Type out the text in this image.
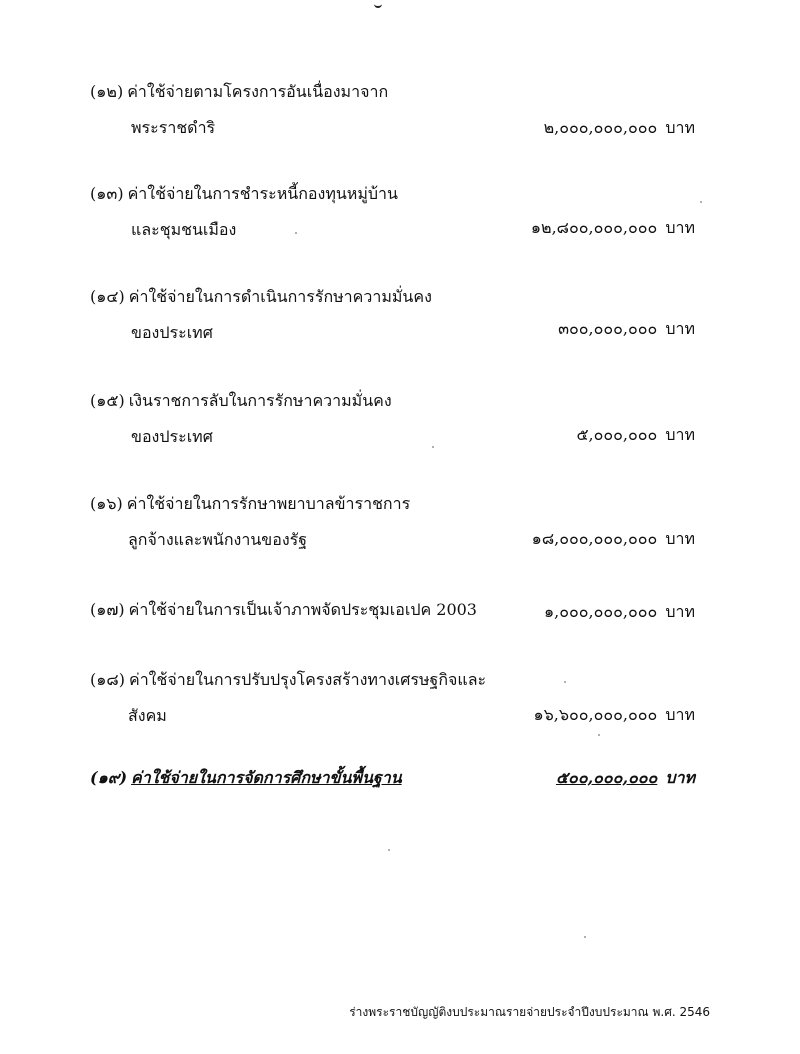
(๑๒) ค่าใช้จ่ายตามโครงการอันเนื่องมาจาก
พระราชดำริ	๒,๐๐๐,๐๐๐,๐๐๐ บาท
(๑๓) ค่าใช้จ่ายในการชำระหนี้กองทุนหมู่บ้าน
และชุมชนเมือง	๑๒,๘๐๐,๐๐๐,๐๐๐ บาท
(๑๔) ค่าใช้จ่ายในการดำเนินการรักษาความมั่นคง
ของประเทศ	๓๐๐,๐๐๐,๐๐๐ บาท
(๑๕) เงินราชการลับในการรักษาความมั่นคง
ของประเทศ	๕,๐๐๐,๐๐๐ บาท
(๑๖) ค่าใช้จ่ายในการรักษาพยาบาลข้าราชการ
ลูกจ้างและพนักงานของรัฐ	๑๘,๐๐๐,๐๐๐,๐๐๐ บาท
(๑๗) ค่าใช้จ่ายในการเป็นเจ้าภาพจัดประชุมเอเปค 2003	๑,๐๐๐,๐๐๐,๐๐๐ บาท
(๑๘) ค่าใช้จ่ายในการปรับปรุงโครงสร้างทางเศรษฐกิจและ
สังคม	๑๖,๖๐๐,๐๐๐,๐๐๐ บาท
(๑๙) ค่าใช้จ่ายในการจัดการศึกษาขั้นพื้นฐาน	๕๐๐,๐๐๐,๐๐๐ บาท
ร่างพระราชบัญญัติงบประมาณรายจ่ายประจำปีงบประมาณ พ.ศ. 2546
